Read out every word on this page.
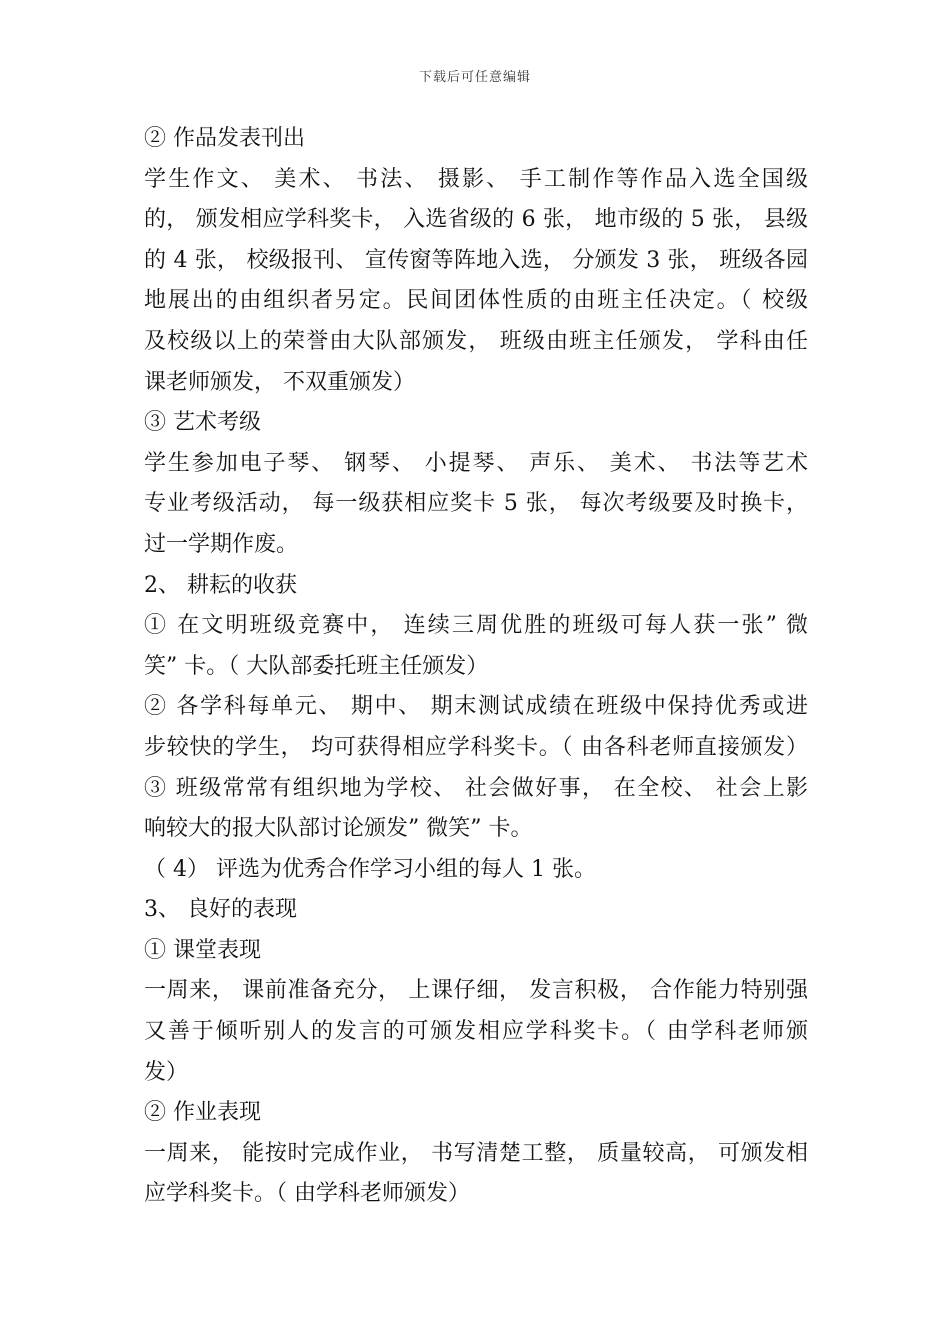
下载后可任意编辑
② 作品发表刊出
学生作文、 美术、 书法、 摄影、 手工制作等作品入选全国级
的， 颁发相应学科奖卡， 入选省级的 6 张， 地市级的 5 张， 县级
的 4 张， 校级报刊、 宣传窗等阵地入选， 分颁发 3 张， 班级各园
地展出的由组织者另定。民间团体性质的由班主任决定。（ 校级
及校级以上的荣誉由大队部颁发， 班级由班主任颁发， 学科由任
课老师颁发， 不双重颁发）
③ 艺术考级
学生参加电子琴、 钢琴、 小提琴、 声乐、 美术、 书法等艺术
专业考级活动， 每一级获相应奖卡 5 张， 每次考级要及时换卡，
过一学期作废。
2、 耕耘的收获
① 在文明班级竞赛中， 连续三周优胜的班级可每人获一张” 微
笑” 卡。（ 大队部委托班主任颁发）
② 各学科每单元、 期中、 期末测试成绩在班级中保持优秀或进
步较快的学生， 均可获得相应学科奖卡。（ 由各科老师直接颁发）
③ 班级常常有组织地为学校、 社会做好事， 在全校、 社会上影
响较大的报大队部讨论颁发” 微笑” 卡。
（ 4） 评选为优秀合作学习小组的每人 1 张。
3、 良好的表现
① 课堂表现
一周来， 课前准备充分， 上课仔细， 发言积极， 合作能力特别强
又善于倾听别人的发言的可颁发相应学科奖卡。（ 由学科老师颁
发）
② 作业表现
一周来， 能按时完成作业， 书写清楚工整， 质量较高， 可颁发相
应学科奖卡。（ 由学科老师颁发）
